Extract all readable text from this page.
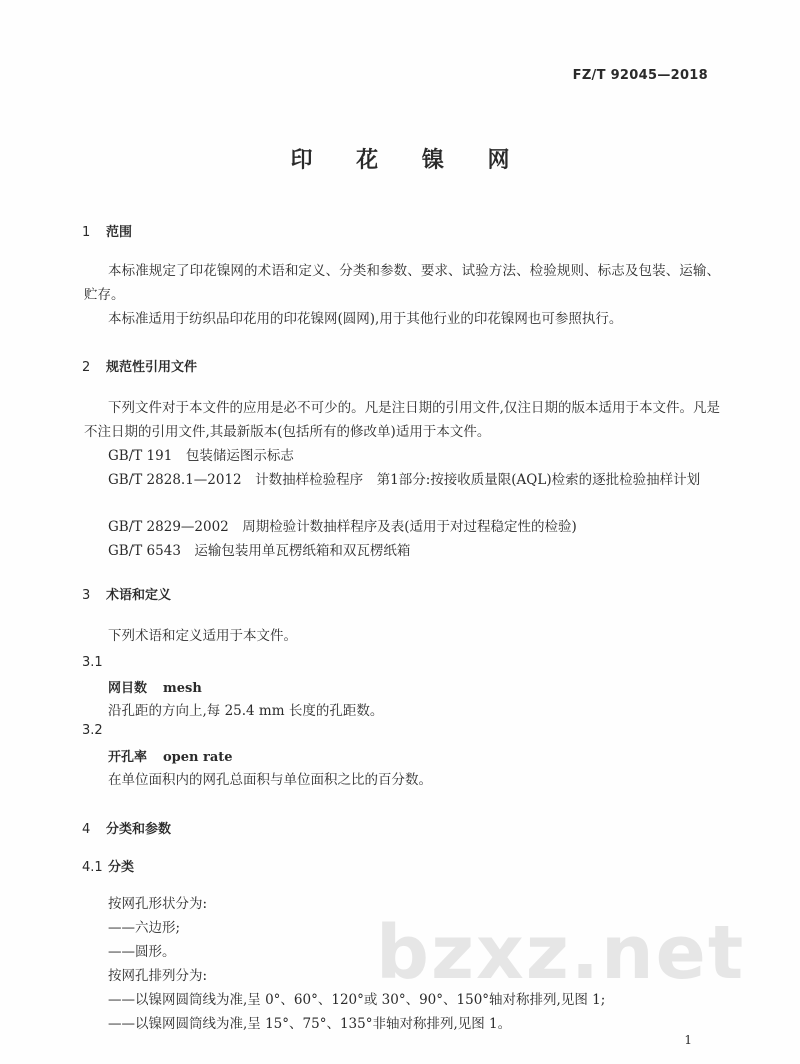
FZ/T 92045—2018
印 花 镍 网
1 范围
本标准规定了印花镍网的术语和定义、分类和参数、要求、试验方法、检验规则、标志及包装、运输、贮存。
本标准适用于纺织品印花用的印花镍网(圆网),用于其他行业的印花镍网也可参照执行。
2 规范性引用文件
下列文件对于本文件的应用是必不可少的。凡是注日期的引用文件,仅注日期的版本适用于本文件。凡是不注日期的引用文件,其最新版本(包括所有的修改单)适用于本文件。
GB/T 191　包装储运图示标志
GB/T 2828.1—2012　计数抽样检验程序　第1部分:按接收质量限(AQL)检索的逐批检验抽样计划
GB/T 2829—2002　周期检验计数抽样程序及表(适用于对过程稳定性的检验)
GB/T 6543　运输包装用单瓦楞纸箱和双瓦楞纸箱
3 术语和定义
下列术语和定义适用于本文件。
3.1
网目数 mesh
沿孔距的方向上,每 25.4 mm 长度的孔距数。
3.2
开孔率 open rate
在单位面积内的网孔总面积与单位面积之比的百分数。
4 分类和参数
4.1 分类
按网孔形状分为:
——六边形;
——圆形。
按网孔排列分为:
——以镍网圆筒线为准,呈 0°、60°、120°或 30°、90°、150°轴对称排列,见图 1;
——以镍网圆筒线为准,呈 15°、75°、135°非轴对称排列,见图 1。
bzxz.net
1
